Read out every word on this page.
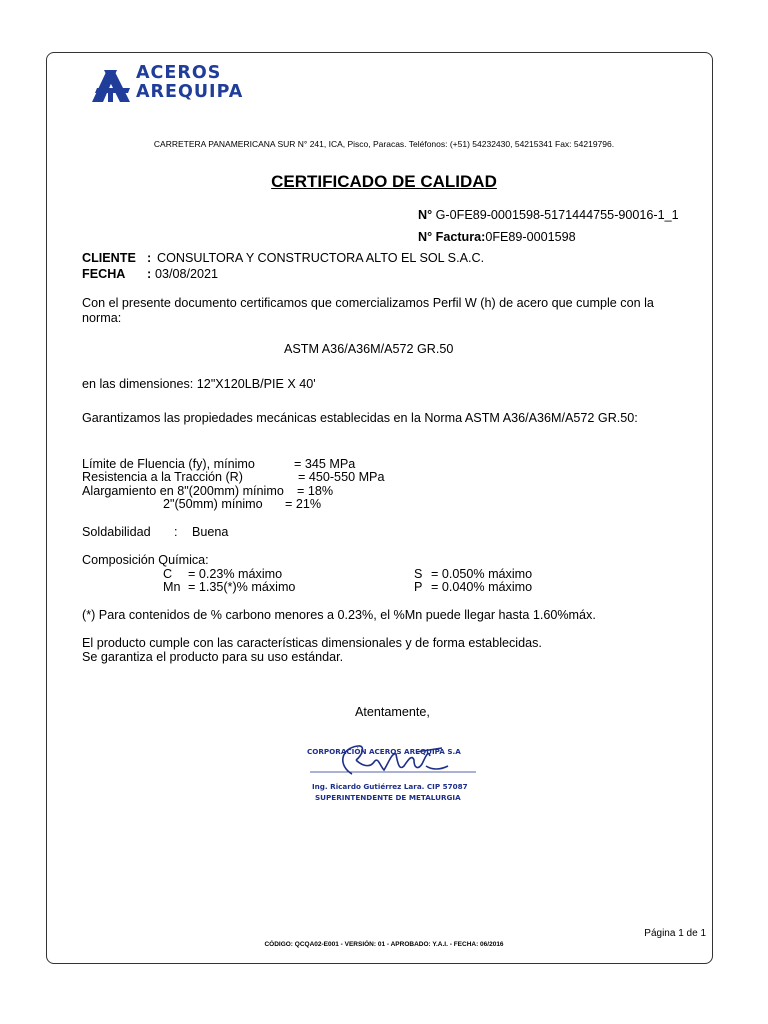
ACEROS
AREQUIPA
CARRETERA PANAMERICANA SUR N° 241, ICA, Pisco, Paracas. Teléfonos: (+51) 54232430, 54215341 Fax: 54219796.
CERTIFICADO DE CALIDAD
N° G-0FE89-0001598-5171444755-90016-1_1
N° Factura:0FE89-0001598
CLIENTE : CONSULTORA Y CONSTRUCTORA ALTO EL SOL S.A.C.
FECHA : 03/08/2021
Con el presente documento certificamos que comercializamos Perfil W (h) de acero que cumple con la
norma:
ASTM A36/A36M/A572 GR.50
en las dimensiones: 12"X120LB/PIE X 40'
Garantizamos las propiedades mecánicas establecidas en la Norma ASTM A36/A36M/A572 GR.50:
Límite de Fluencia (fy), mínimo	= 345 MPa
Resistencia a la Tracción (R)	= 450-550 MPa
Alargamiento en 8"(200mm) mínimo = 18%
2"(50mm) mínimo = 21%
Soldabilidad : Buena
Composición Química:
C = 0.23% máximo
Mn = 1.35(*)% máximo
S = 0.050% máximo
P = 0.040% máximo
(*) Para contenidos de % carbono menores a 0.23%, el %Mn puede llegar hasta 1.60%máx.
El producto cumple con las características dimensionales y de forma establecidas.
Se garantiza el producto para su uso estándar.
Atentamente,
CORPORACIÓN ACEROS AREQUIPA S.A
Ing. Ricardo Gutiérrez Lara. CIP 57087
SUPERINTENDENTE DE METALURGIA
Página 1 de 1
CÓDIGO: QCQA02-E001 - VERSIÓN: 01 - APROBADO: Y.A.I. - FECHA: 06/2016
